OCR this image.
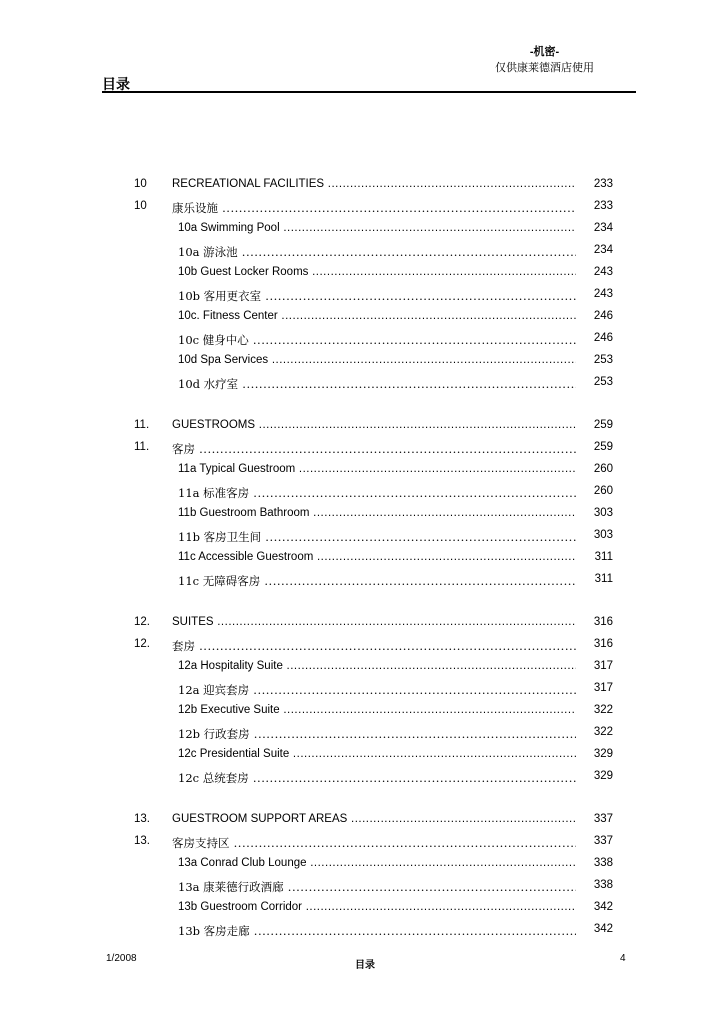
-机密-
仅供康莱德酒店使用
目录
10	RECREATIONAL FACILITIES .....	233
10	康乐设施 .....	233
10a Swimming Pool .....	234
10a 游泳池 .....	234
10b Guest Locker Rooms .....	243
10b 客用更衣室 .....	243
10c. Fitness Center .....	246
10c 健身中心 .....	246
10d Spa Services .....	253
10d 水疗室 .....	253
11.	GUESTROOMS .....	259
11.	客房 .....	259
11a Typical Guestroom .....	260
11a 标准客房 .....	260
11b Guestroom Bathroom .....	303
11b 客房卫生间 .....	303
11c Accessible Guestroom .....	311
11c 无障碍客房 .....	311
12.	SUITES .....	316
12.	套房 .....	316
12a Hospitality Suite .....	317
12a 迎宾套房 .....	317
12b Executive Suite .....	322
12b 行政套房 .....	322
12c Presidential Suite .....	329
12c 总统套房 .....	329
13.	GUESTROOM SUPPORT AREAS .....	337
13.	客房支持区 .....	337
13a Conrad Club Lounge .....	338
13a 康莱德行政酒廊 .....	338
13b Guestroom Corridor .....	342
13b 客房走廊 .....	342
1/2008
目录
4
